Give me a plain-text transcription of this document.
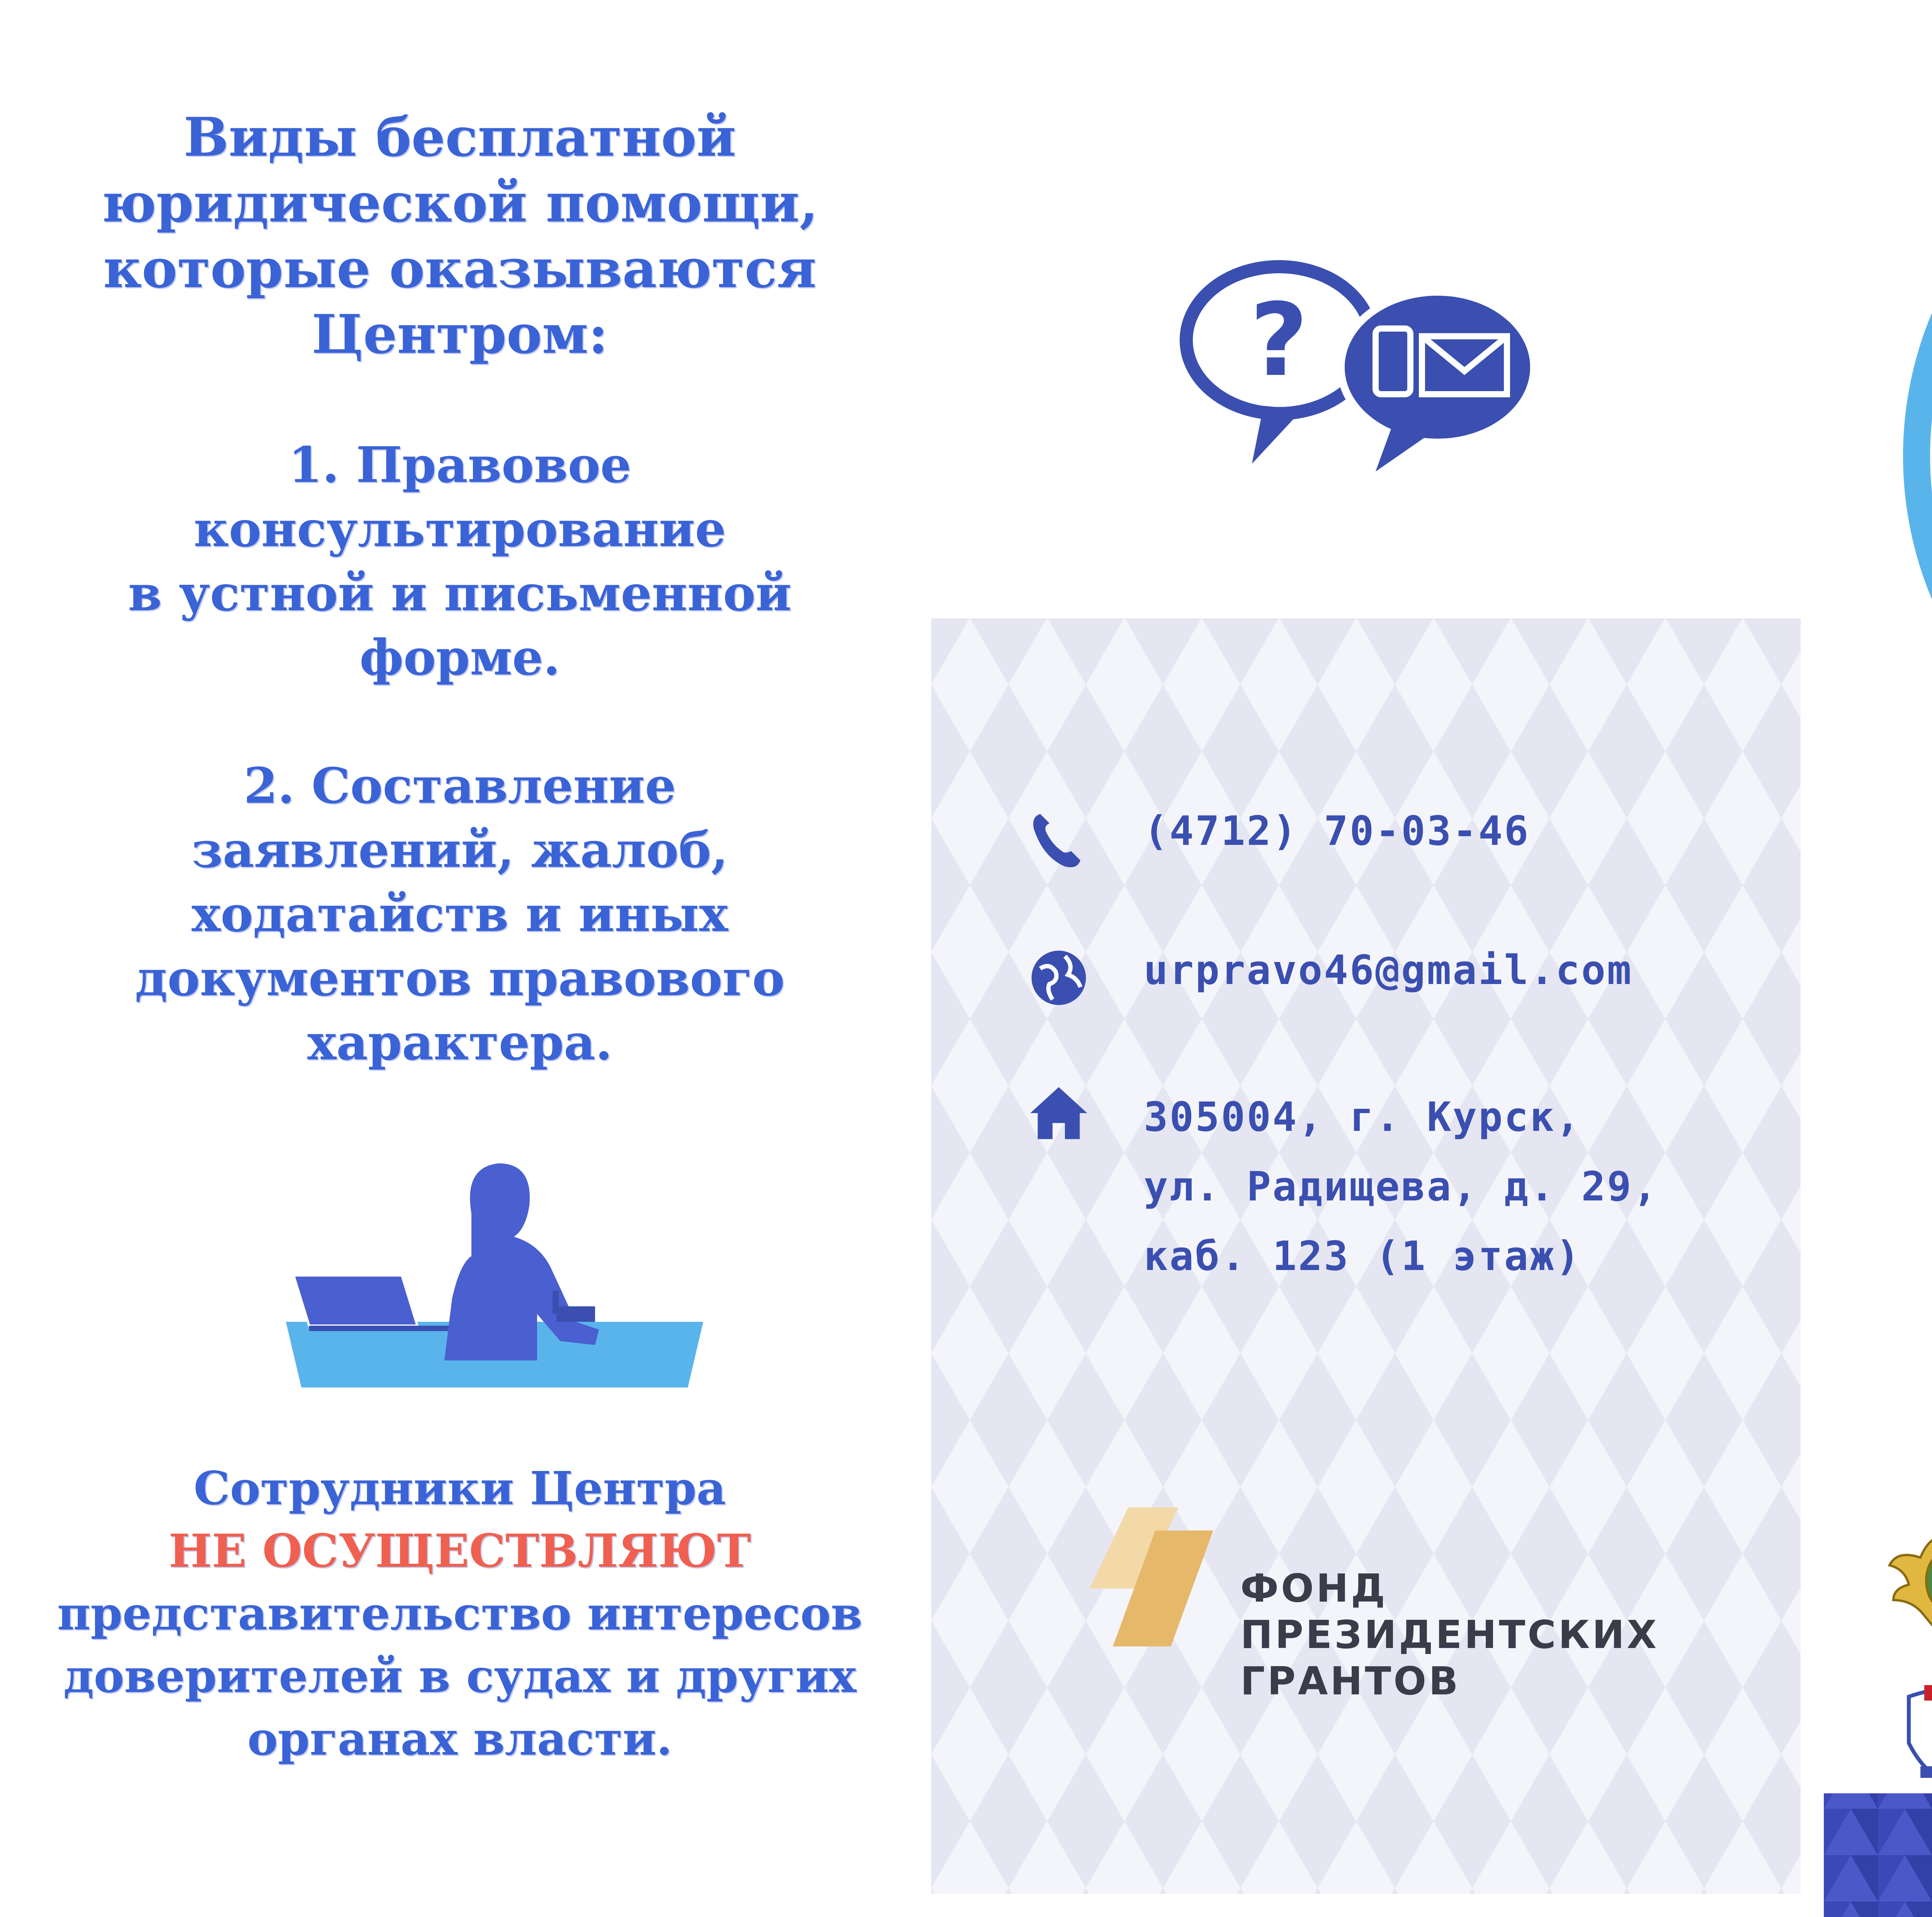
Виды бесплатной
юридической помощи,
которые оказываются
Центром:
1. Правовое
консультирование
в устной и письменной
форме.
2. Составление
заявлений, жалоб,
ходатайств и иных
документов правового
характера.
Сотрудники Центра
НЕ ОСУЩЕСТВЛЯЮТ
представительство интересов
доверителей в судах и других
органах власти.
?
(4712) 70-03-46
urpravo46@gmail.com
305004, г. Курск,
ул. Радищева, д. 29,
каб. 123 (1 этаж)
ФОНД
ПРЕЗИДЕНТСКИХ
ГРАНТОВ
